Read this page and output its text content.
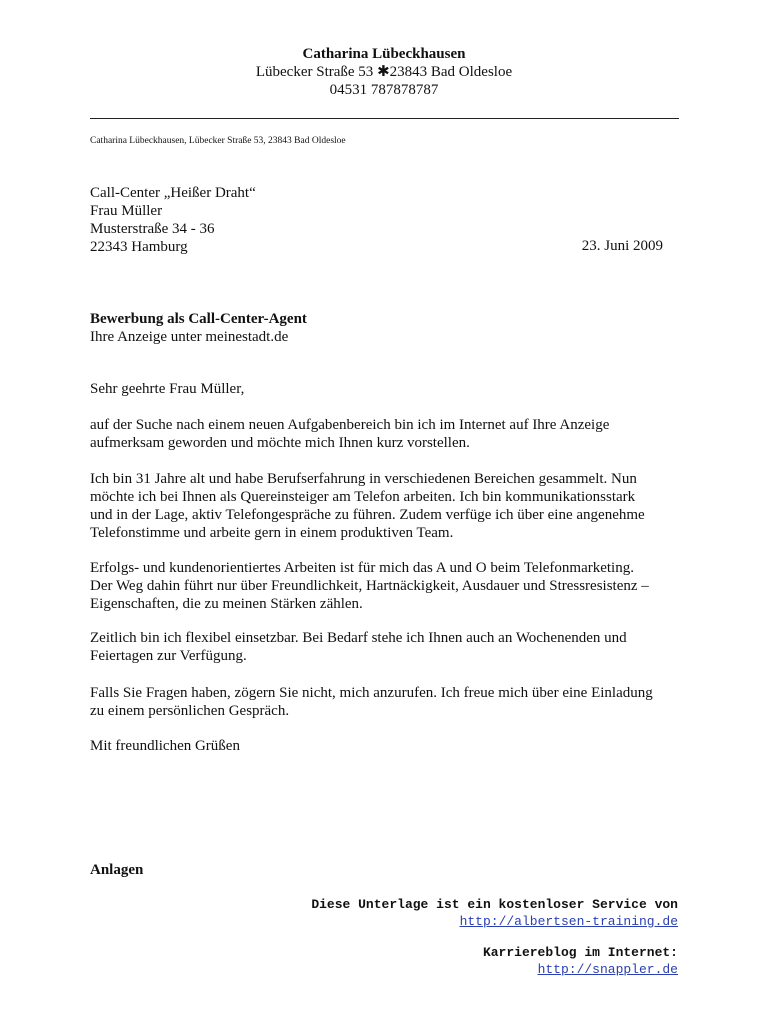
Catharina Lübeckhausen
Lübecker Straße 53 ✱23843 Bad Oldesloe
04531 787878787
Catharina Lübeckhausen, Lübecker Straße 53, 23843 Bad Oldesloe
Call-Center „Heißer Draht“
Frau Müller
Musterstraße 34 - 36
22343 Hamburg	23. Juni 2009
Bewerbung als Call-Center-Agent
Ihre Anzeige unter meinestadt.de
Sehr geehrte Frau Müller,
auf der Suche nach einem neuen Aufgabenbereich bin ich im Internet auf Ihre Anzeige
aufmerksam geworden und möchte mich Ihnen kurz vorstellen.
Ich bin 31 Jahre alt und habe Berufserfahrung in verschiedenen Bereichen gesammelt. Nun
möchte ich bei Ihnen als Quereinsteiger am Telefon arbeiten. Ich bin kommunikationsstark
und in der Lage, aktiv Telefongespräche zu führen. Zudem verfüge ich über eine angenehme
Telefonstimme und arbeite gern in einem produktiven Team.
Erfolgs- und kundenorientiertes Arbeiten ist für mich das A und O beim Telefonmarketing.
Der Weg dahin führt nur über Freundlichkeit, Hartnäckigkeit, Ausdauer und Stressresistenz –
Eigenschaften, die zu meinen Stärken zählen.
Zeitlich bin ich flexibel einsetzbar. Bei Bedarf stehe ich Ihnen auch an Wochenenden und
Feiertagen zur Verfügung.
Falls Sie Fragen haben, zögern Sie nicht, mich anzurufen. Ich freue mich über eine Einladung
zu einem persönlichen Gespräch.
Mit freundlichen Grüßen
Anlagen
Diese Unterlage ist ein kostenloser Service von
http://albertsen-training.de
Karriereblog im Internet:
http://snappler.de
